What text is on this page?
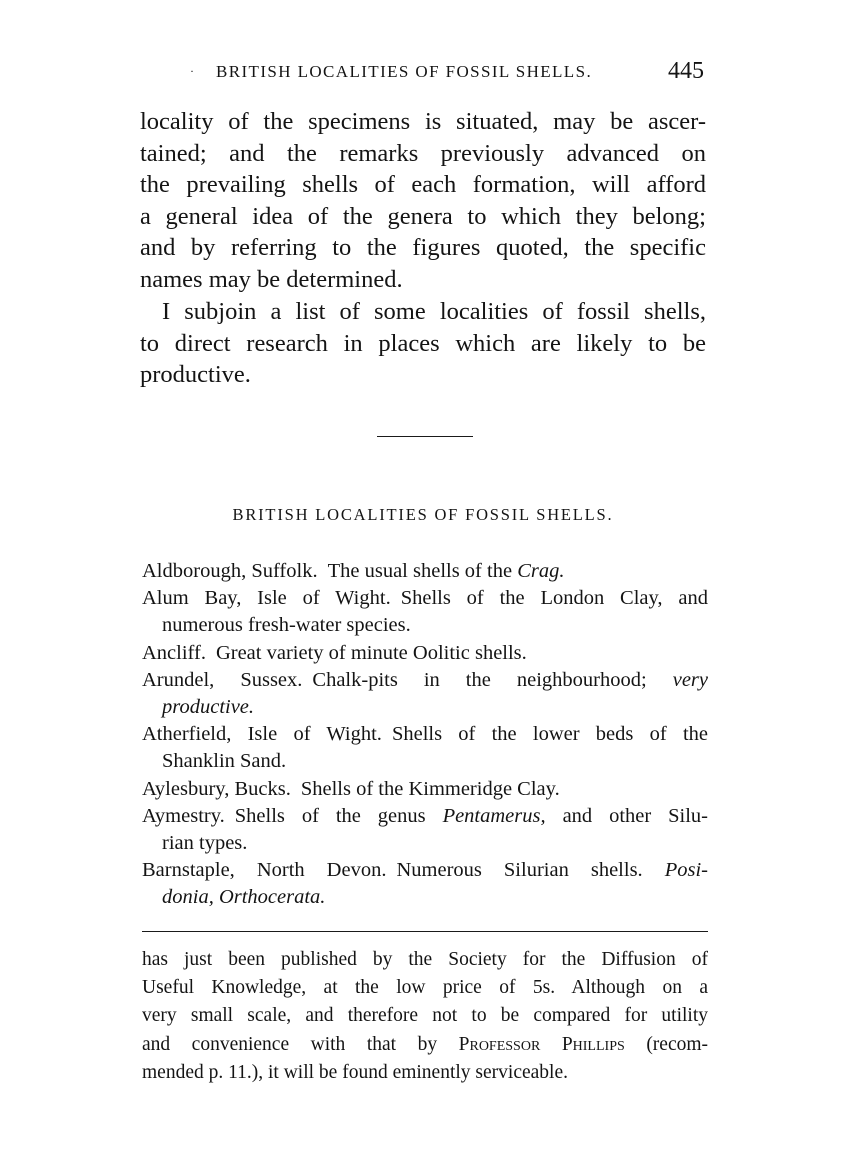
· BRITISH LOCALITIES OF FOSSIL SHELLS.	445

locality of the specimens is situated, may be ascer-
tained; and the remarks previously advanced on
the prevailing shells of each formation, will afford
a general idea of the genera to which they belong;
and by referring to the figures quoted, the specific
names may be determined.

I subjoin a list of some localities of fossil shells,
to direct research in places which are likely to be
productive.

BRITISH LOCALITIES OF FOSSIL SHELLS.
Aldborough, Suffolk. The usual shells of the Crag.
Alum Bay, Isle of Wight. Shells of the London Clay, and
numerous fresh-water species.
Ancliff. Great variety of minute Oolitic shells.
Arundel, Sussex. Chalk-pits in the neighbourhood; very
productive.
Atherfield, Isle of Wight. Shells of the lower beds of the
Shanklin Sand.
Aylesbury, Bucks. Shells of the Kimmeridge Clay.
Aymestry. Shells of the genus Pentamerus, and other Silu-
rian types.
Barnstaple, North Devon. Numerous Silurian shells. Posi-
donia, Orthocerata.

has just been published by the Society for the Diffusion of
Useful Knowledge, at the low price of 5s. Although on a
very small scale, and therefore not to be compared for utility
and convenience with that by Professor Phillips (recom-
mended p. 11.), it will be found eminently serviceable.
